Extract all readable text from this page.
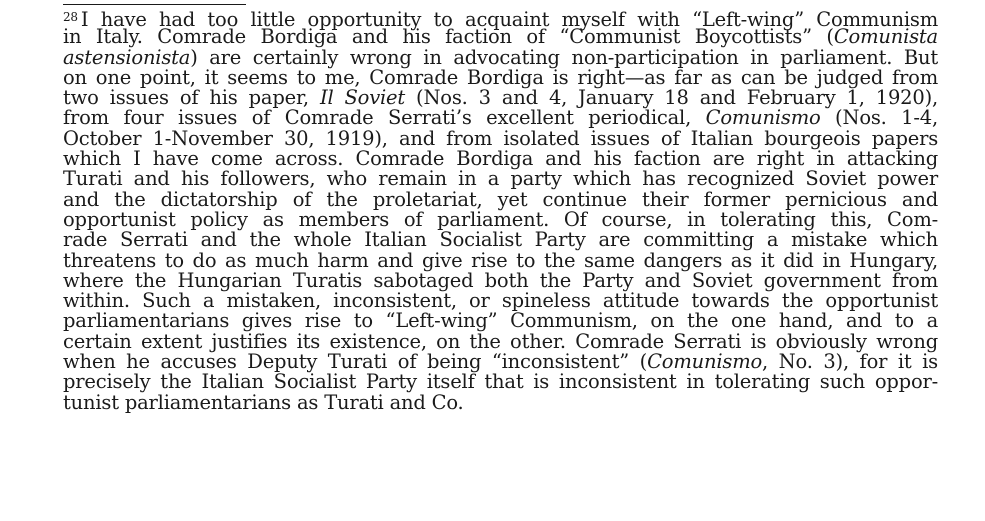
$^{28}$ I have had too little opportunity to acquaint myself with “Left-wing” Communism
in Italy. Comrade Bordiga and his faction of “Communist Boycottists” (Comunista
astensionista) are certainly wrong in advocating non-participation in parliament. But
on one point, it seems to me, Comrade Bordiga is right—as far as can be judged from
two issues of his paper, Il Soviet (Nos. 3 and 4, January 18 and February 1, 1920),
from four issues of Comrade Serrati’s excellent periodical, Comunismo (Nos. 1-4,
October 1-November 30, 1919), and from isolated issues of Italian bourgeois papers
which I have come across. Comrade Bordiga and his faction are right in attacking
Turati and his followers, who remain in a party which has recognized Soviet power
and the dictatorship of the proletariat, yet continue their former pernicious and
opportunist policy as members of parliament. Of course, in tolerating this, Com-
rade Serrati and the whole Italian Socialist Party are committing a mistake which
threatens to do as much harm and give rise to the same dangers as it did in Hungary,
where the Hungarian Turatis sabotaged both the Party and Soviet government from
within. Such a mistaken, inconsistent, or spineless attitude towards the opportunist
parliamentarians gives rise to “Left-wing” Communism, on the one hand, and to a
certain extent justifies its existence, on the other. Comrade Serrati is obviously wrong
when he accuses Deputy Turati of being “inconsistent” (Comunismo, No. 3), for it is
precisely the Italian Socialist Party itself that is inconsistent in tolerating such oppor-
tunist parliamentarians as Turati and Co.
